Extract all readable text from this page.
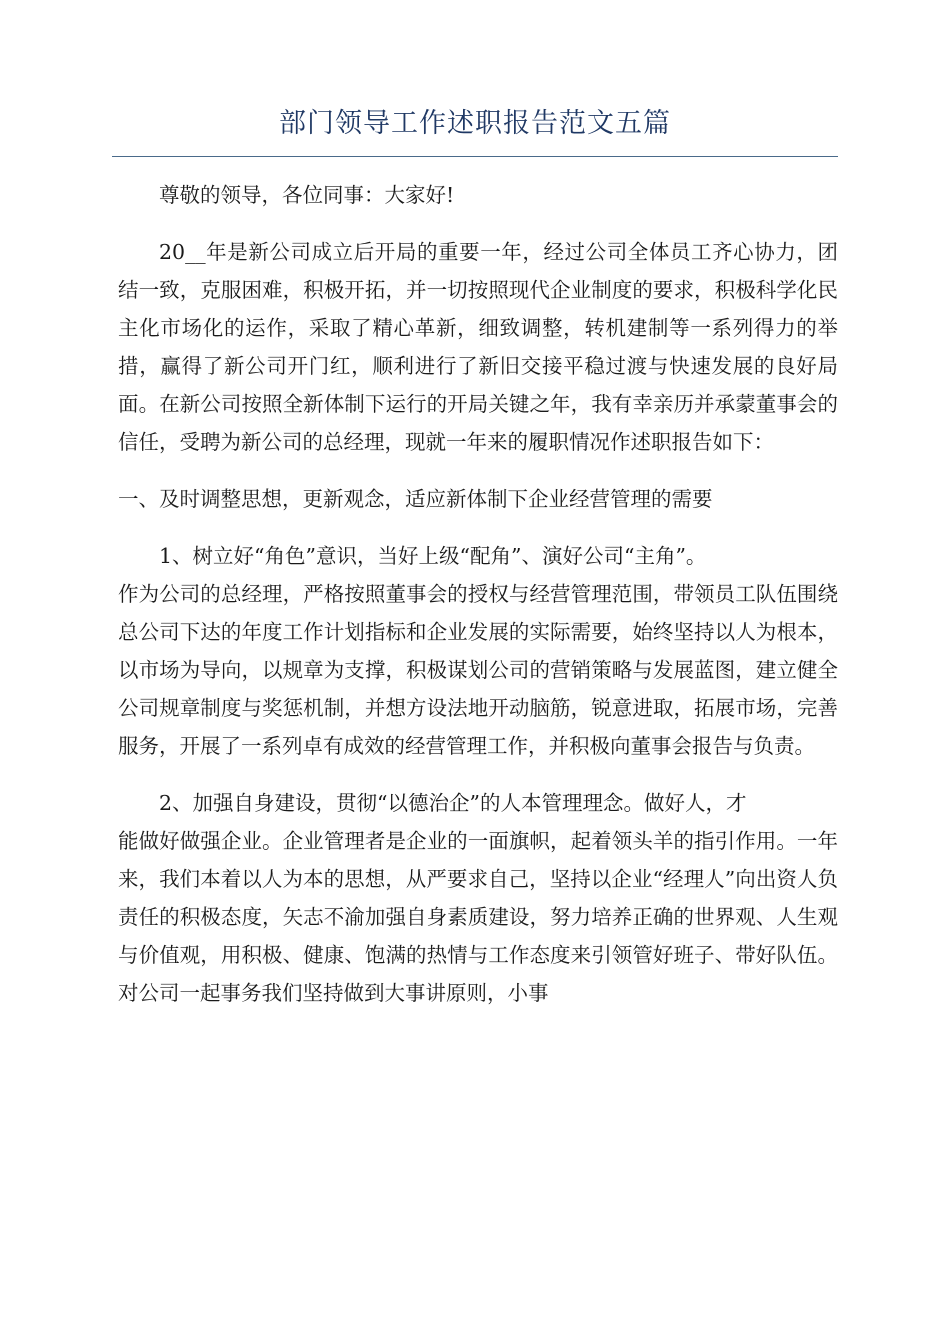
部门领导工作述职报告范文五篇

尊敬的领导，各位同事：大家好!

20__年是新公司成立后开局的重要一年，经过公司全体员工齐心协力，团结一致，克服困难，积极开拓，并一切按照现代企业制度的要求，积极科学化民主化市场化的运作，采取了精心革新，细致调整，转机建制等一系列得力的举措，赢得了新公司开门红，顺利进行了新旧交接平稳过渡与快速发展的良好局面。在新公司按照全新体制下运行的开局关键之年，我有幸亲历并承蒙董事会的信任，受聘为新公司的总经理，现就一年来的履职情况作述职报告如下：

一、及时调整思想，更新观念，适应新体制下企业经营管理的需要

1、树立好“角色”意识，当好上级“配角”、演好公司“主角”。

作为公司的总经理，严格按照董事会的授权与经营管理范围，带领员工队伍围绕总公司下达的年度工作计划指标和企业发展的实际需要，始终坚持以人为根本，以市场为导向，以规章为支撑，积极谋划公司的营销策略与发展蓝图，建立健全公司规章制度与奖惩机制，并想方设法地开动脑筋，锐意进取，拓展市场，完善服务，开展了一系列卓有成效的经营管理工作，并积极向董事会报告与负责。

2、加强自身建设，贯彻“以德治企”的人本管理理念。做好人，才

能做好做强企业。企业管理者是企业的一面旗帜，起着领头羊的指引作用。一年来，我们本着以人为本的思想，从严要求自己，坚持以企业“经理人”向出资人负责任的积极态度，矢志不渝加强自身素质建设，努力培养正确的世界观、人生观与价值观，用积极、健康、饱满的热情与工作态度来引领管好班子、带好队伍。对公司一起事务我们坚持做到大事讲原则，小事
